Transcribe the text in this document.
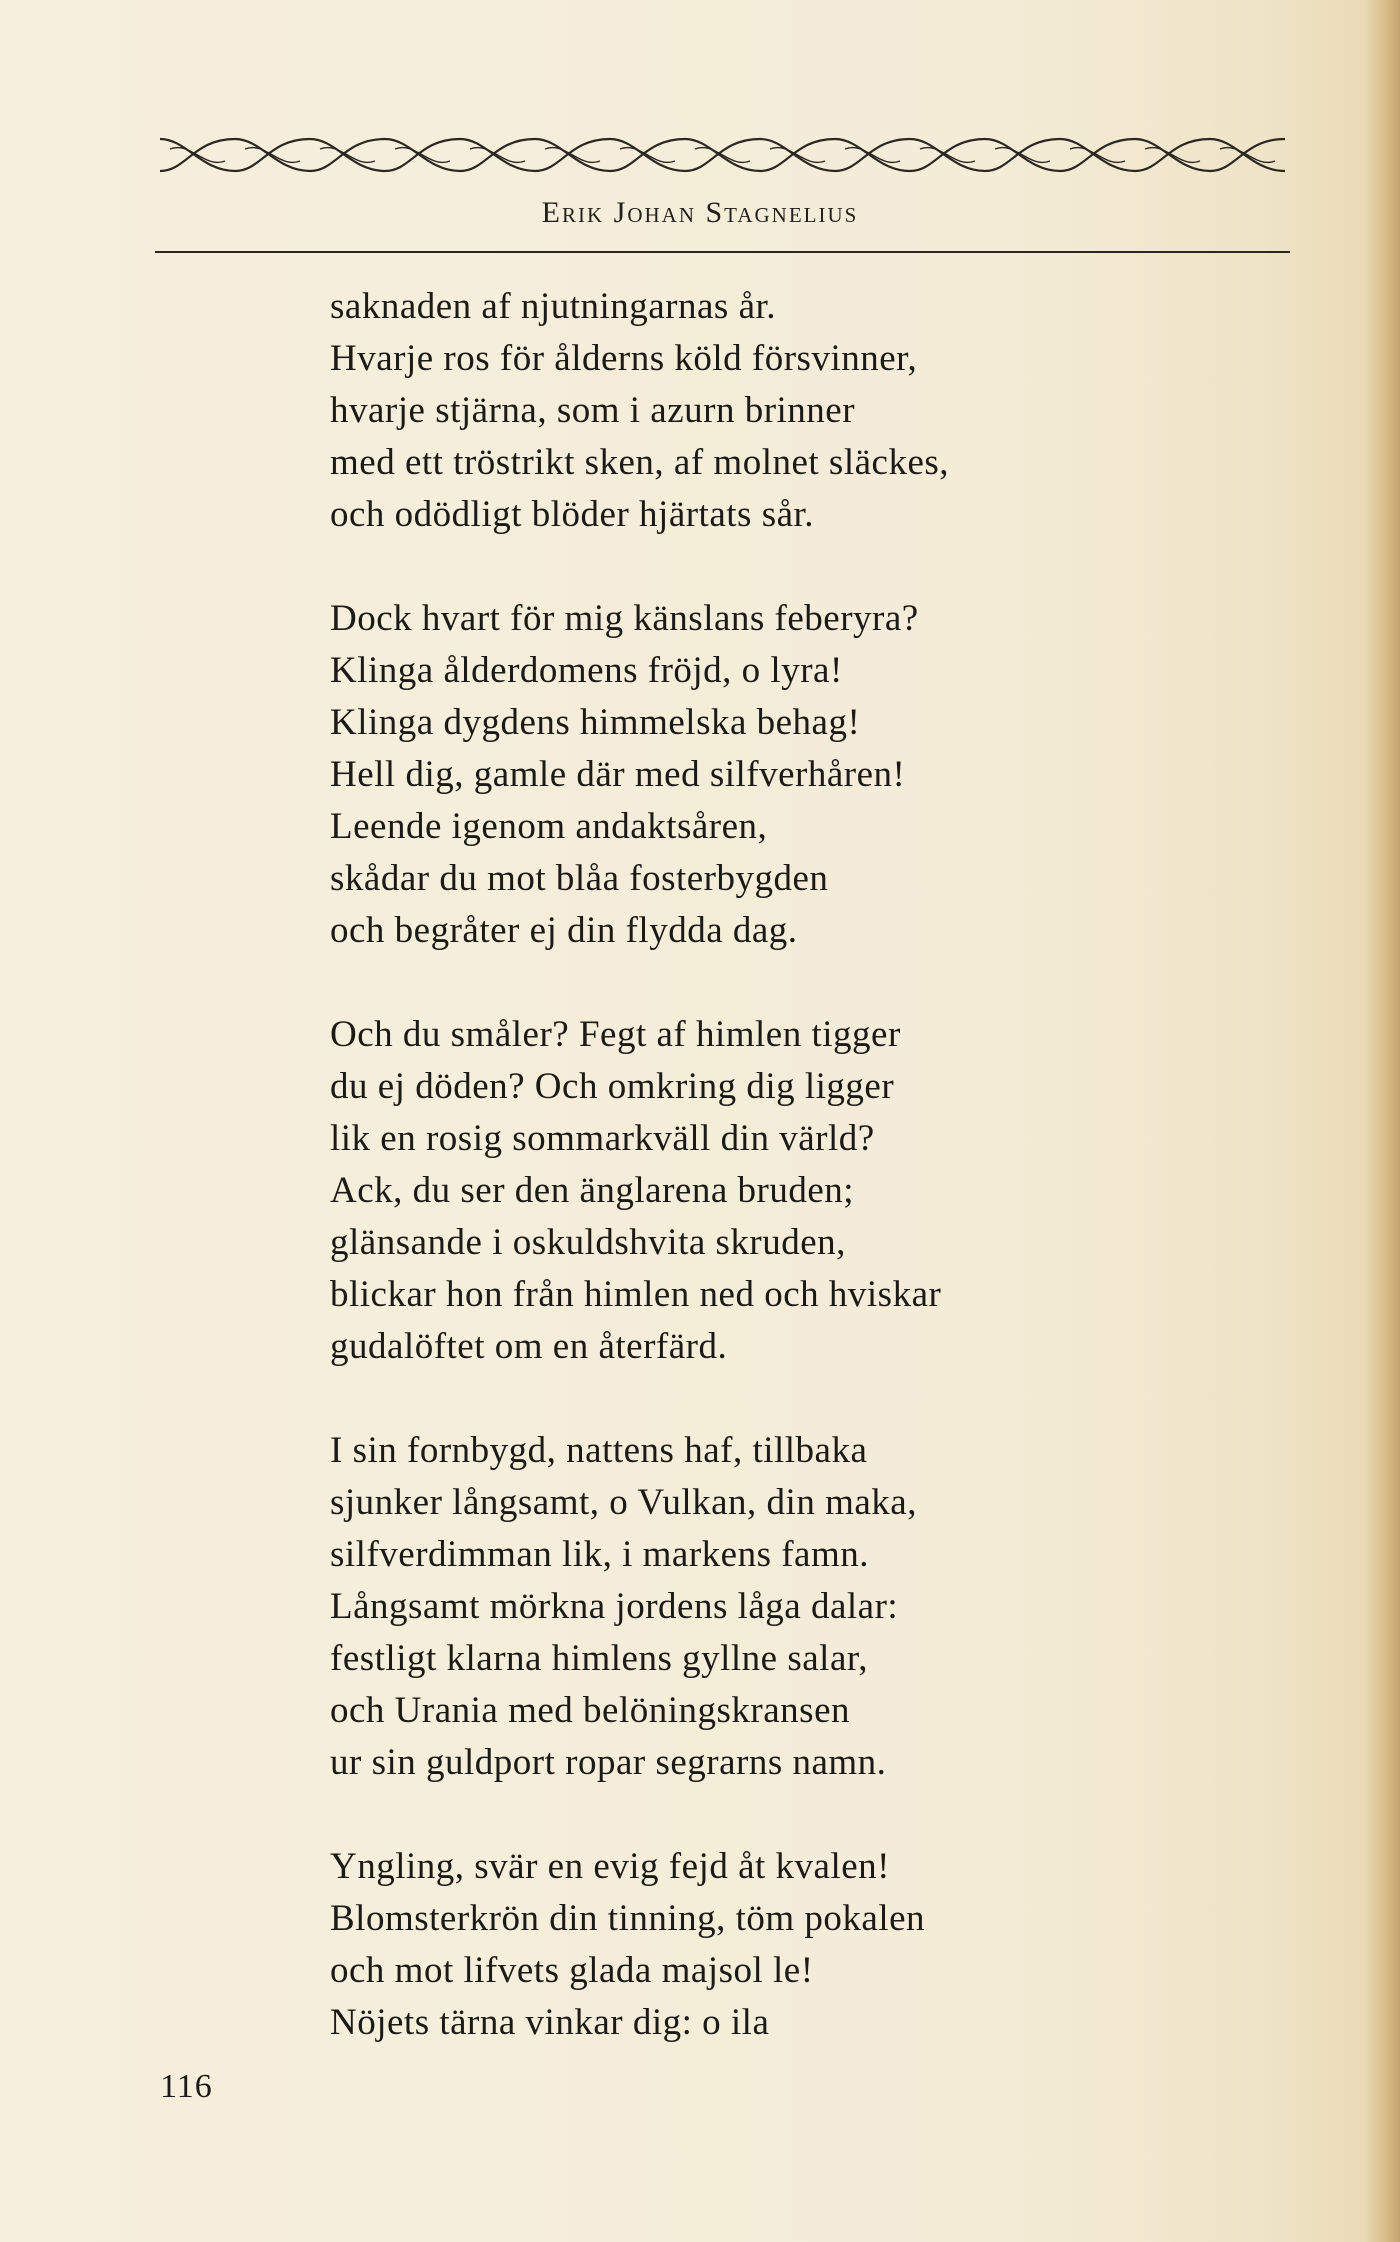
Erik Johan Stagnelius
saknaden af njutningarnas år.
Hvarje ros för ålderns köld försvinner,
hvarje stjärna, som i azurn brinner
med ett tröstrikt sken, af molnet släckes,
och odödligt blöder hjärtats sår.
Dock hvart för mig känslans feberyra?
Klinga ålderdomens fröjd, o lyra!
Klinga dygdens himmelska behag!
Hell dig, gamle där med silfverhåren!
Leende igenom andaktsåren,
skådar du mot blåa fosterbygden
och begråter ej din flydda dag.
Och du småler? Fegt af himlen tigger
du ej döden? Och omkring dig ligger
lik en rosig sommarkväll din värld?
Ack, du ser den änglarena bruden;
glänsande i oskuldshvita skruden,
blickar hon från himlen ned och hviskar
gudalöftet om en återfärd.
I sin fornbygd, nattens haf, tillbaka
sjunker långsamt, o Vulkan, din maka,
silfverdimman lik, i markens famn.
Långsamt mörkna jordens låga dalar:
festligt klarna himlens gyllne salar,
och Urania med belöningskransen
ur sin guldport ropar segrarns namn.
Yngling, svär en evig fejd åt kvalen!
Blomsterkrön din tinning, töm pokalen
och mot lifvets glada majsol le!
Nöjets tärna vinkar dig: o ila
116
